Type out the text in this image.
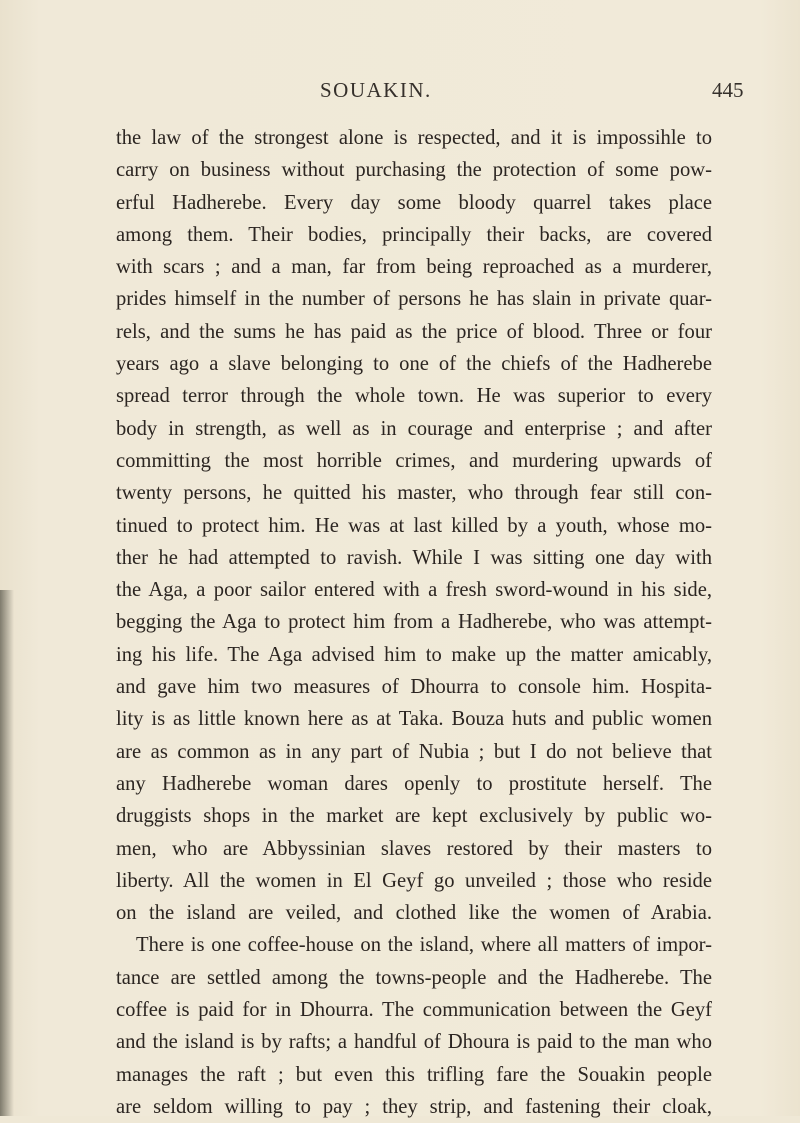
SOUAKIN.	445
the law of the strongest alone is respected, and it is impossihle to
carry on business without purchasing the protection of some pow-
erful Hadherebe. Every day some bloody quarrel takes place
among them. Their bodies, principally their backs, are covered
with scars ; and a man, far from being reproached as a murderer,
prides himself in the number of persons he has slain in private quar-
rels, and the sums he has paid as the price of blood. Three or four
years ago a slave belonging to one of the chiefs of the Hadherebe
spread terror through the whole town. He was superior to every
body in strength, as well as in courage and enterprise ; and after
committing the most horrible crimes, and murdering upwards of
twenty persons, he quitted his master, who through fear still con-
tinued to protect him. He was at last killed by a youth, whose mo-
ther he had attempted to ravish. While I was sitting one day with
the Aga, a poor sailor entered with a fresh sword-wound in his side,
begging the Aga to protect him from a Hadherebe, who was attempt-
ing his life. The Aga advised him to make up the matter amicably,
and gave him two measures of Dhourra to console him. Hospita-
lity is as little known here as at Taka. Bouza huts and public women
are as common as in any part of Nubia ; but I do not believe that
any Hadherebe woman dares openly to prostitute herself. The
druggists shops in the market are kept exclusively by public wo-
men, who are Abbyssinian slaves restored by their masters to
liberty. All the women in El Geyf go unveiled ; those who reside
on the island are veiled, and clothed like the women of Arabia.
There is one coffee-house on the island, where all matters of impor-
tance are settled among the towns-people and the Hadherebe. The
coffee is paid for in Dhourra. The communication between the Geyf
and the island is by rafts; a handful of Dhoura is paid to the man who
manages the raft ; but even this trifling fare the Souakin people
are seldom willing to pay ; they strip, and fastening their cloak,
